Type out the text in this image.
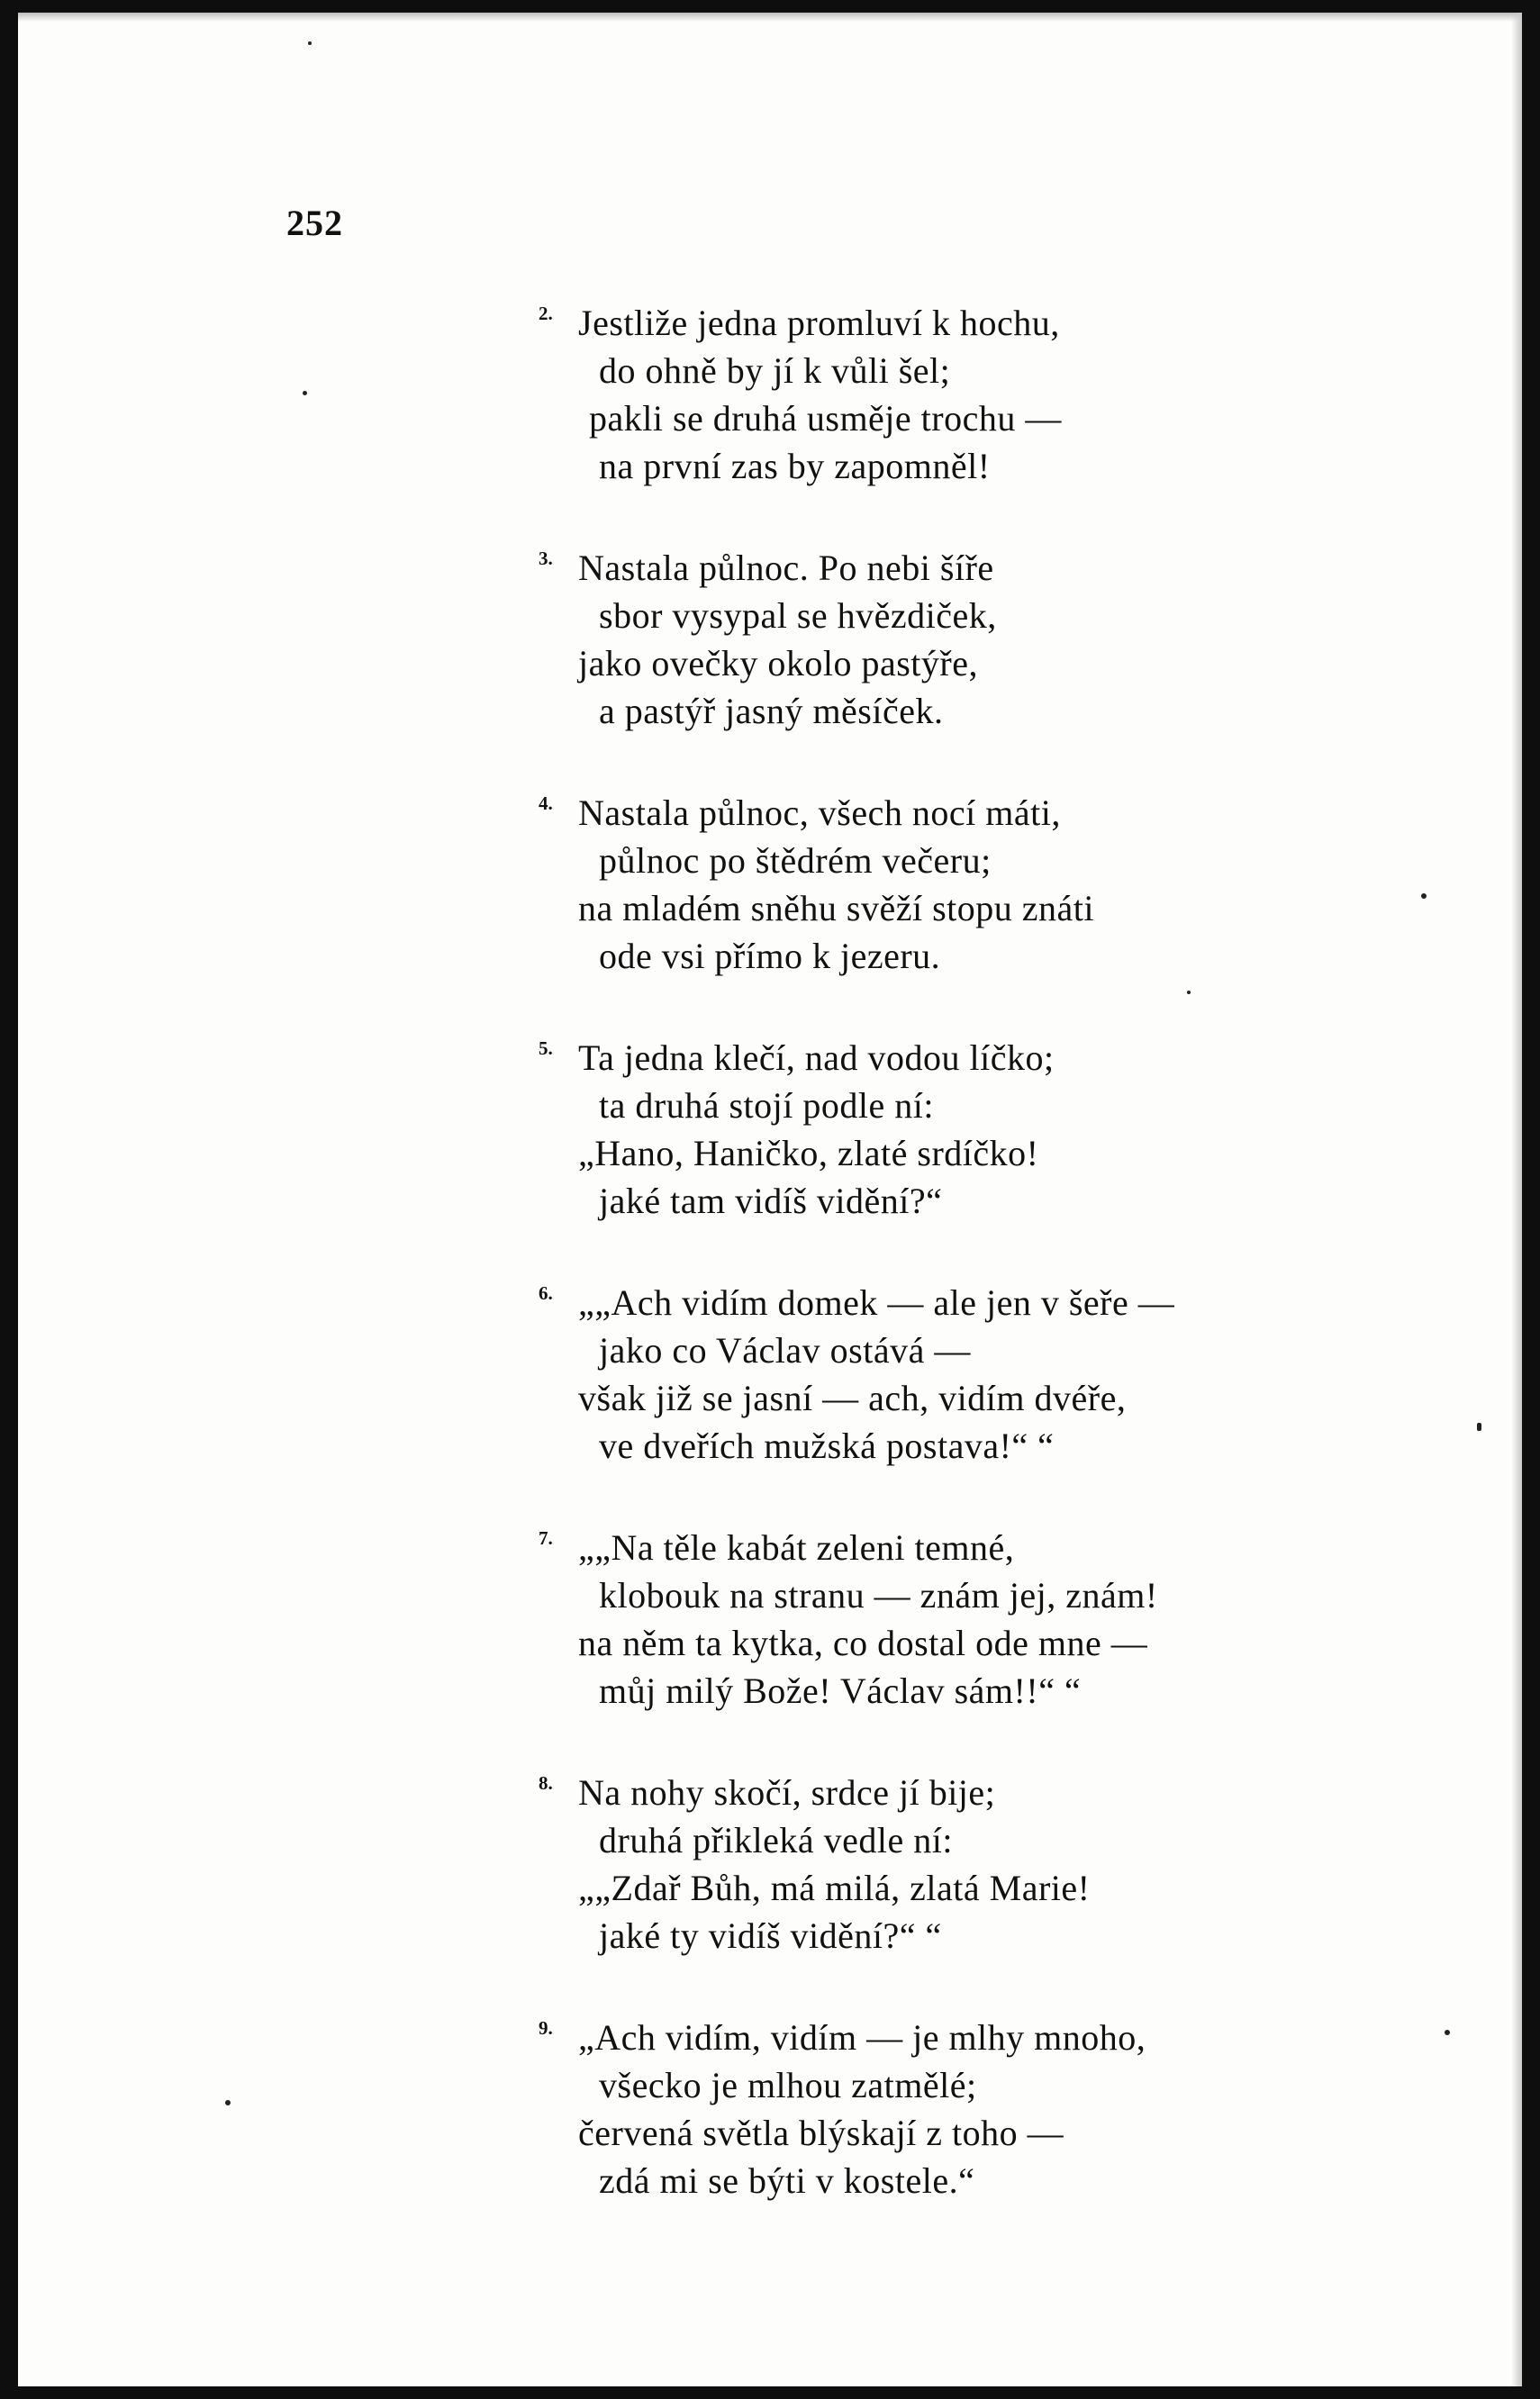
252
2. Jestliže jedna promluví k hochu,
do ohně by jí k vůli šel;
pakli se druhá usměje trochu —
na první zas by zapomněl!
3. Nastala půlnoc. Po nebi šíře
sbor vysypal se hvězdiček,
jako ovečky okolo pastýře,
a pastýř jasný měsíček.
4. Nastala půlnoc, všech nocí máti,
půlnoc po štědrém večeru;
na mladém sněhu svěží stopu znáti
ode vsi přímo k jezeru.
5. Ta jedna klečí, nad vodou líčko;
ta druhá stojí podle ní:
„Hano, Haničko, zlaté srdíčko!
jaké tam vidíš vidění?“
6. „„Ach vidím domek — ale jen v šeře —
jako co Václav ostává —
však již se jasní — ach, vidím dvéře,
ve dveřích mužská postava!“ “
7. „„Na těle kabát zeleni temné,
klobouk na stranu — znám jej, znám!
na něm ta kytka, co dostal ode mne —
můj milý Bože! Václav sám!!“ “
8. Na nohy skočí, srdce jí bije;
druhá přikleká vedle ní:
„„Zdař Bůh, má milá, zlatá Marie!
jaké ty vidíš vidění?“ “
9. „Ach vidím, vidím — je mlhy mnoho,
všecko je mlhou zatmělé;
červená světla blýskají z toho —
zdá mi se býti v kostele.“
